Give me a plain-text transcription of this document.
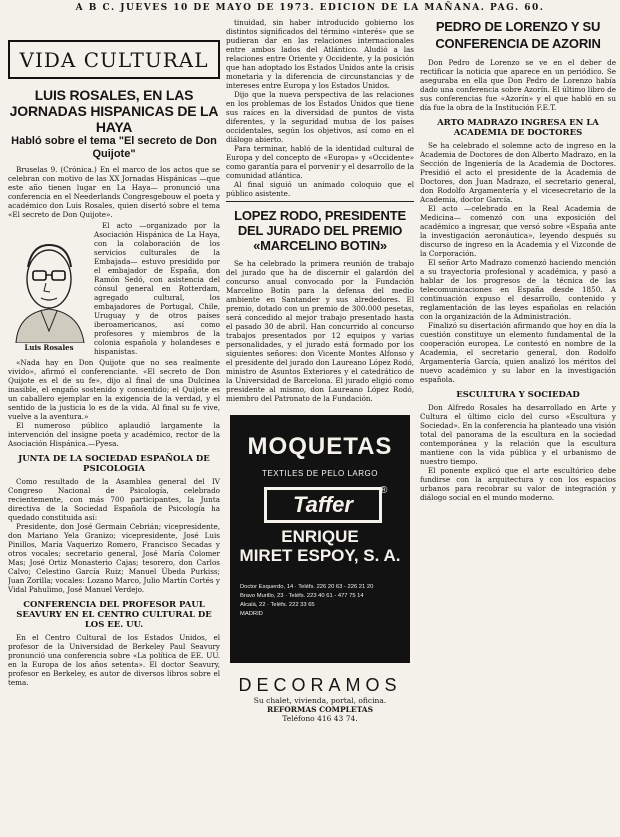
A B C. JUEVES 10 DE MAYO DE 1973. EDICION DE LA MAÑANA. PAG. 60.
VIDA CULTURAL
LUIS ROSALES, EN LAS JORNADAS HISPANICAS DE LA HAYA
Habló sobre el tema "El secreto de Don Quijote"

Bruselas 9. (Crónica.) En el marco de los actos que se celebran con motivo de las XX Jornadas Hispánicas —que este año tienen lugar en La Haya— pronunció una conferencia en el Neederlands Congresgebouw el poeta y académico don Luis Rosales, quien disertó sobre el tema «El secreto de Don Quijote».

Luis Rosales

El acto —organizado por la Asociación Hispánica de La Haya, con la colaboración de los servicios culturales de la Embajada— estuvo presidido por el embajador de España, don Ramón Sedó, con asistencia del cónsul general en Rotterdam, agregado cultural, los embajadores de Portugal, Chile, Uruguay y de otros países iberoamericanos, así como profesores y miembros de la colonia española y holandeses e hispanistas.

«Nada hay en Don Quijote que no sea realmente vivido», afirmó el conferenciante. «El secreto de Don Quijote es el de su fe», dijo al final de una Dulcinea inasible, el engaño sostenido y consentido; el Quijote es un caballero ejemplar en la exigencia de la verdad, y el sentido de la justicia lo es de la vida. Al final su fe vive, vuelve a la aventura.»

El numeroso público aplaudió largamente la intervención del insigne poeta y académico, rector de la Asociación Hispánica.—Pyesa.

JUNTA DE LA SOCIEDAD ESPAÑOLA DE PSICOLOGIA

Como resultado de la Asamblea general del IV Congreso Nacional de Psicología, celebrado recientemente, con más 700 participantes, la Junta directiva de la Sociedad Española de Psicología ha quedado constituida así:

Presidente, don José Germain Cebrián; vicepresidente, don Mariano Yela Granizo; vicepresidente, José Luis Pinillos, María Vaquerizo Romero, Francisco Secadas y otros vocales; secretario general, José María Colomer Mas; José Ortiz Monasterio Cajas; tesorero, don Carlos Calvo; Celestino García Ruiz; Manuel Úbeda Purkiss; Juan Zorilla; vocales: Lozano Marco, Julio Martín Cortés y Vidal Pahulimo, José Manuel Verdejo.

CONFERENCIA DEL PROFESOR PAUL SEAVURY EN EL CENTRO CULTURAL DE LOS EE. UU.

En el Centro Cultural de los Estados Unidos, el profesor de la Universidad de Berkeley Paul Seavury pronunció una conferencia sobre «La política de EE. UU. en la Europa de los años setenta». El doctor Seavury, profesor en Berkeley, es autor de diversos libros sobre el tema.

tinuidad, sin haber introducido gobierno los distintos significados del término «interés» que se pudieran dar en las relaciones internacionales entre ambos lados del Atlántico. Aludió a las relaciones entre Oriente y Occidente, y la posición que han adoptado los Estados Unidos ante la crisis monetaria y la diferencia de circunstancias y de intereses entre Europa y los Estados Unidos.

Dijo que la nueva perspectiva de las relaciones en los problemas de los Estados Unidos que tiene sus raíces en la diversidad de puntos de vista diferentes, y la seguridad mutua de los países occidentales, según los objetivos, así como en el diálogo abierto.

Para terminar, habló de la identidad cultural de Europa y del concepto de «Europa» y «Occidente» como garantía para el porvenir y el desarrollo de la comunidad atlántica.

Al final siguió un animado coloquio que el público asistente.

LOPEZ RODO, PRESIDENTE DEL JURADO DEL PREMIO «MARCELINO BOTIN»

Se ha celebrado la primera reunión de trabajo del jurado que ha de discernir el galardón del concurso anual convocado por la Fundación Marcelino Botín para la defensa del medio ambiente en Santander y sus alrededores. El premio, dotado con un premio de 300.000 pesetas, será concedido al mejor trabajo presentado hasta el pasado 30 de abril. Han concurrido al concurso trabajos presentados por 12 equipos y varias personalidades, y el jurado está formado por los siguientes señores: don Vicente Montes Alfonso y el presidente del jurado don Laureano López Rodó, ministro de Asuntos Exteriores y el catedrático de la Universidad de Barcelona. El jurado eligió como presidente al mismo, don Laureano López Rodó, miembro del Patronato de la Fundación.

MOQUETAS
TEXTILES DE PELO LARGO
Taffer
®
ENRIQUE
MIRET ESPOY, S. A.
Doctor Esquerdo, 14 · Teléfs. 226 20 63 - 226 21 20
Bravo Murillo, 23 · Teléfs. 223 40 61 - 477 75 14
Alcalá, 22 · Teléfs. 222 33 65
MADRID
DECORAMOS
Su chalet, vivienda, portal, oficina.
REFORMAS COMPLETAS
Teléfono 416 43 74.
PEDRO DE LORENZO Y SU CONFERENCIA DE AZORIN

Don Pedro de Lorenzo se ve en el deber de rectificar la noticia que aparece en un periódico. Se aseguraba en ella que Don Pedro de Lorenzo había dado una conferencia sobre Azorín. El último libro de sus conferencias fue «Azorín» y el que habló en su día fue la obra de la Institución F.E.T.

ARTO MADRAZO INGRESA EN LA ACADEMIA DE DOCTORES

Se ha celebrado el solemne acto de ingreso en la Academia de Doctores de don Alberto Madrazo, en la Sección de Ingeniería de la Academia de Doctores. Presidió el acto el presidente de la Academia de Doctores, don Juan Madrazo, el secretario general, don Rodolfo Argamentería y el vicesecretario de la Academia, doctor García.

El acto —celebrado en la Real Academia de Medicina— comenzó con una exposición del académico a ingresar, que versó sobre «España ante la investigación aeronáutica», leyendo después su discurso de ingreso en la Academia y el Vizconde de la Corporación.

El señor Arto Madrazo comenzó haciendo mención a su trayectoria profesional y académica, y pasó a hablar de los progresos de la técnica de las telecomunicaciones en España desde 1850. A continuación expuso el desarrollo, contenido y reglamentación de las leyes españolas en relación con la organización de la Administración.

Finalizó su disertación afirmando que hoy en día la cuestión constituye un elemento fundamental de la cooperación europea. Le contestó en nombre de la Academia, el secretario general, don Rodolfo Argamentería García, quien analizó los méritos del nuevo académico y su labor en la investigación española.

ESCULTURA Y SOCIEDAD

Don Alfredo Rosales ha desarrollado en Arte y Cultura el último ciclo del curso «Escultura y Sociedad». En la conferencia ha planteado una visión total del panorama de la escultura en la sociedad contemporánea y la relación que la escultura mantiene con la vida pública y el urbanismo de nuestro tiempo.

El ponente explicó que el arte escultórico debe fundirse con la arquitectura y con los espacios urbanos para recobrar su valor de integración y diálogo social en el mundo moderno.
